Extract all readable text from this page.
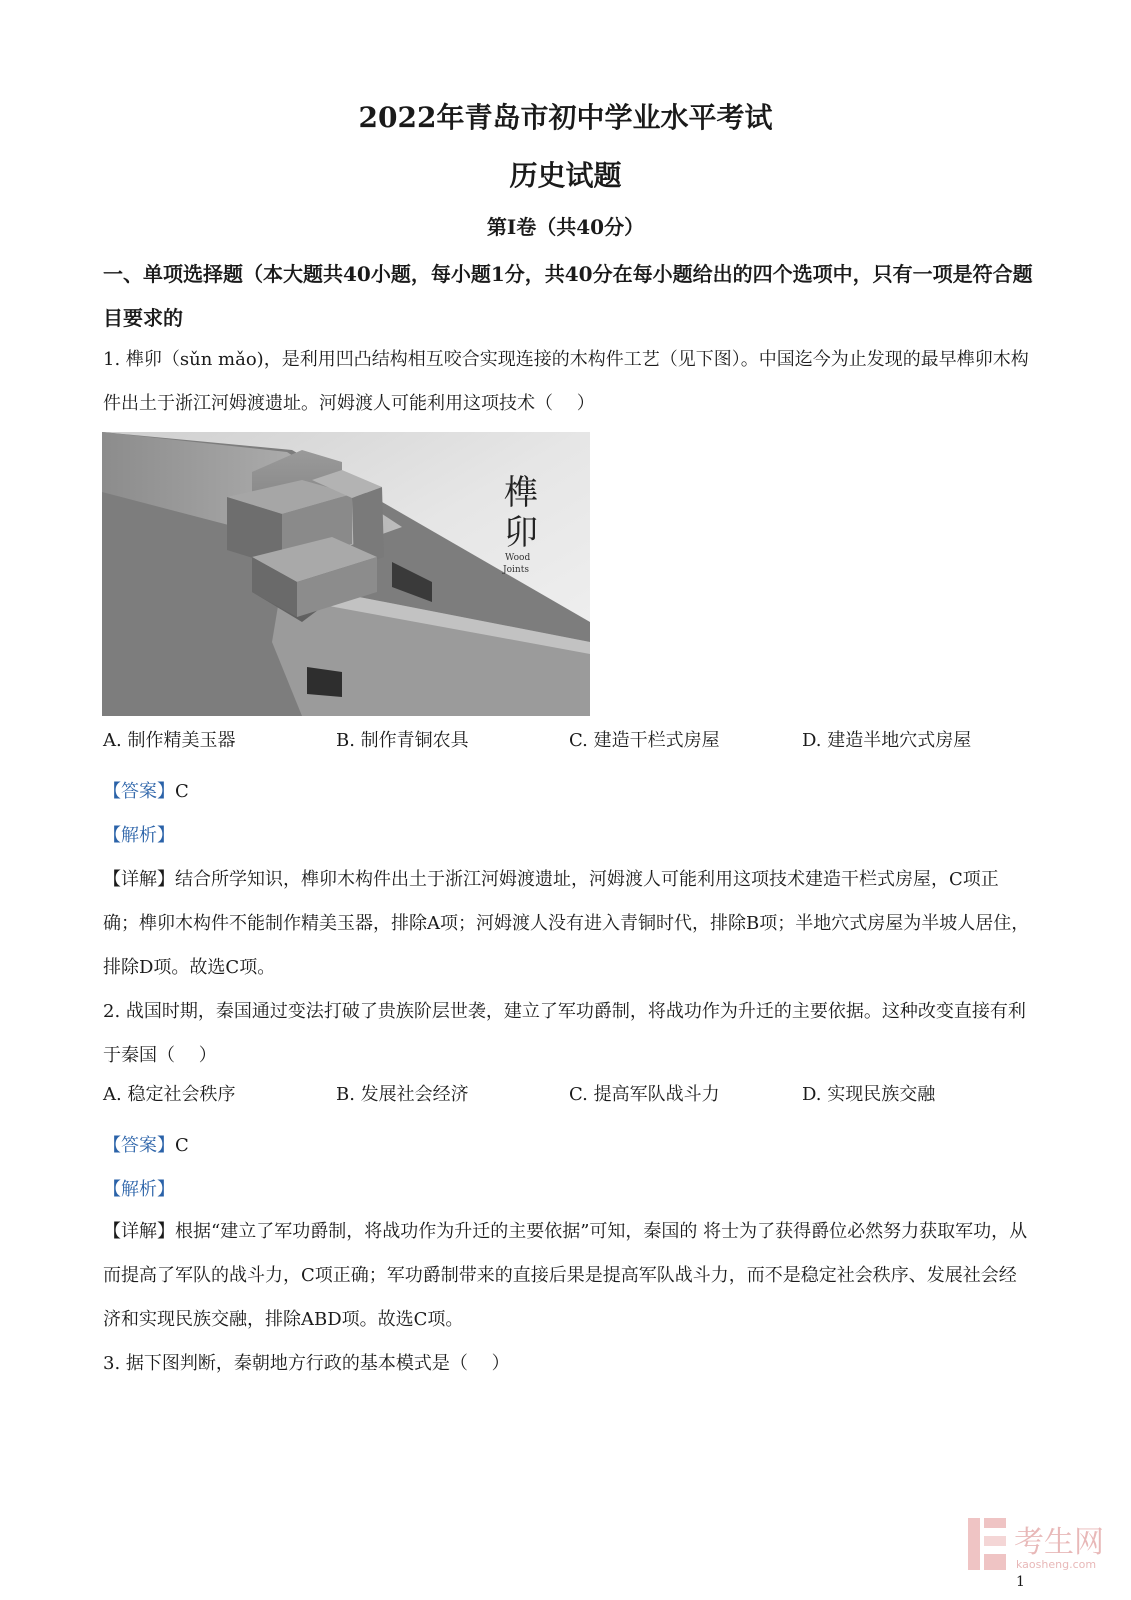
2022年青岛市初中学业水平考试
历史试题
第Ⅰ卷（共40分）
一、单项选择题（本大题共40小题，每小题1分，共40分在每小题给出的四个选项中，只有一项是符合题目要求的
1. 榫卯（sǔn mǎo)，是利用凹凸结构相互咬合实现连接的木构件工艺（见下图）。中国迄今为止发现的最早榫卯木构件出土于浙江河姆渡遗址。河姆渡人可能利用这项技术（　 ）
榫
卯
Wood
Joints
A. 制作精美玉器	B. 制作青铜农具	C. 建造干栏式房屋	D. 建造半地穴式房屋
【答案】C
【解析】
【详解】结合所学知识，榫卯木构件出土于浙江河姆渡遗址，河姆渡人可能利用这项技术建造干栏式房屋，C项正确；榫卯木构件不能制作精美玉器，排除A项；河姆渡人没有进入青铜时代，排除B项；半地穴式房屋为半坡人居住，排除D项。故选C项。
2. 战国时期，秦国通过变法打破了贵族阶层世袭，建立了军功爵制，将战功作为升迁的主要依据。这种改变直接有利于秦国（　 ）
A. 稳定社会秩序	B. 发展社会经济	C. 提高军队战斗力	D. 实现民族交融
【答案】C
【解析】
【详解】根据“建立了军功爵制，将战功作为升迁的主要依据”可知，秦国的 将士为了获得爵位必然努力获取军功，从而提高了军队的战斗力，C项正确；军功爵制带来的直接后果是提高军队战斗力，而不是稳定社会秩序、发展社会经济和实现民族交融，排除ABD项。故选C项。
3. 据下图判断，秦朝地方行政的基本模式是（　 ）
考生网
kaosheng.com
1
